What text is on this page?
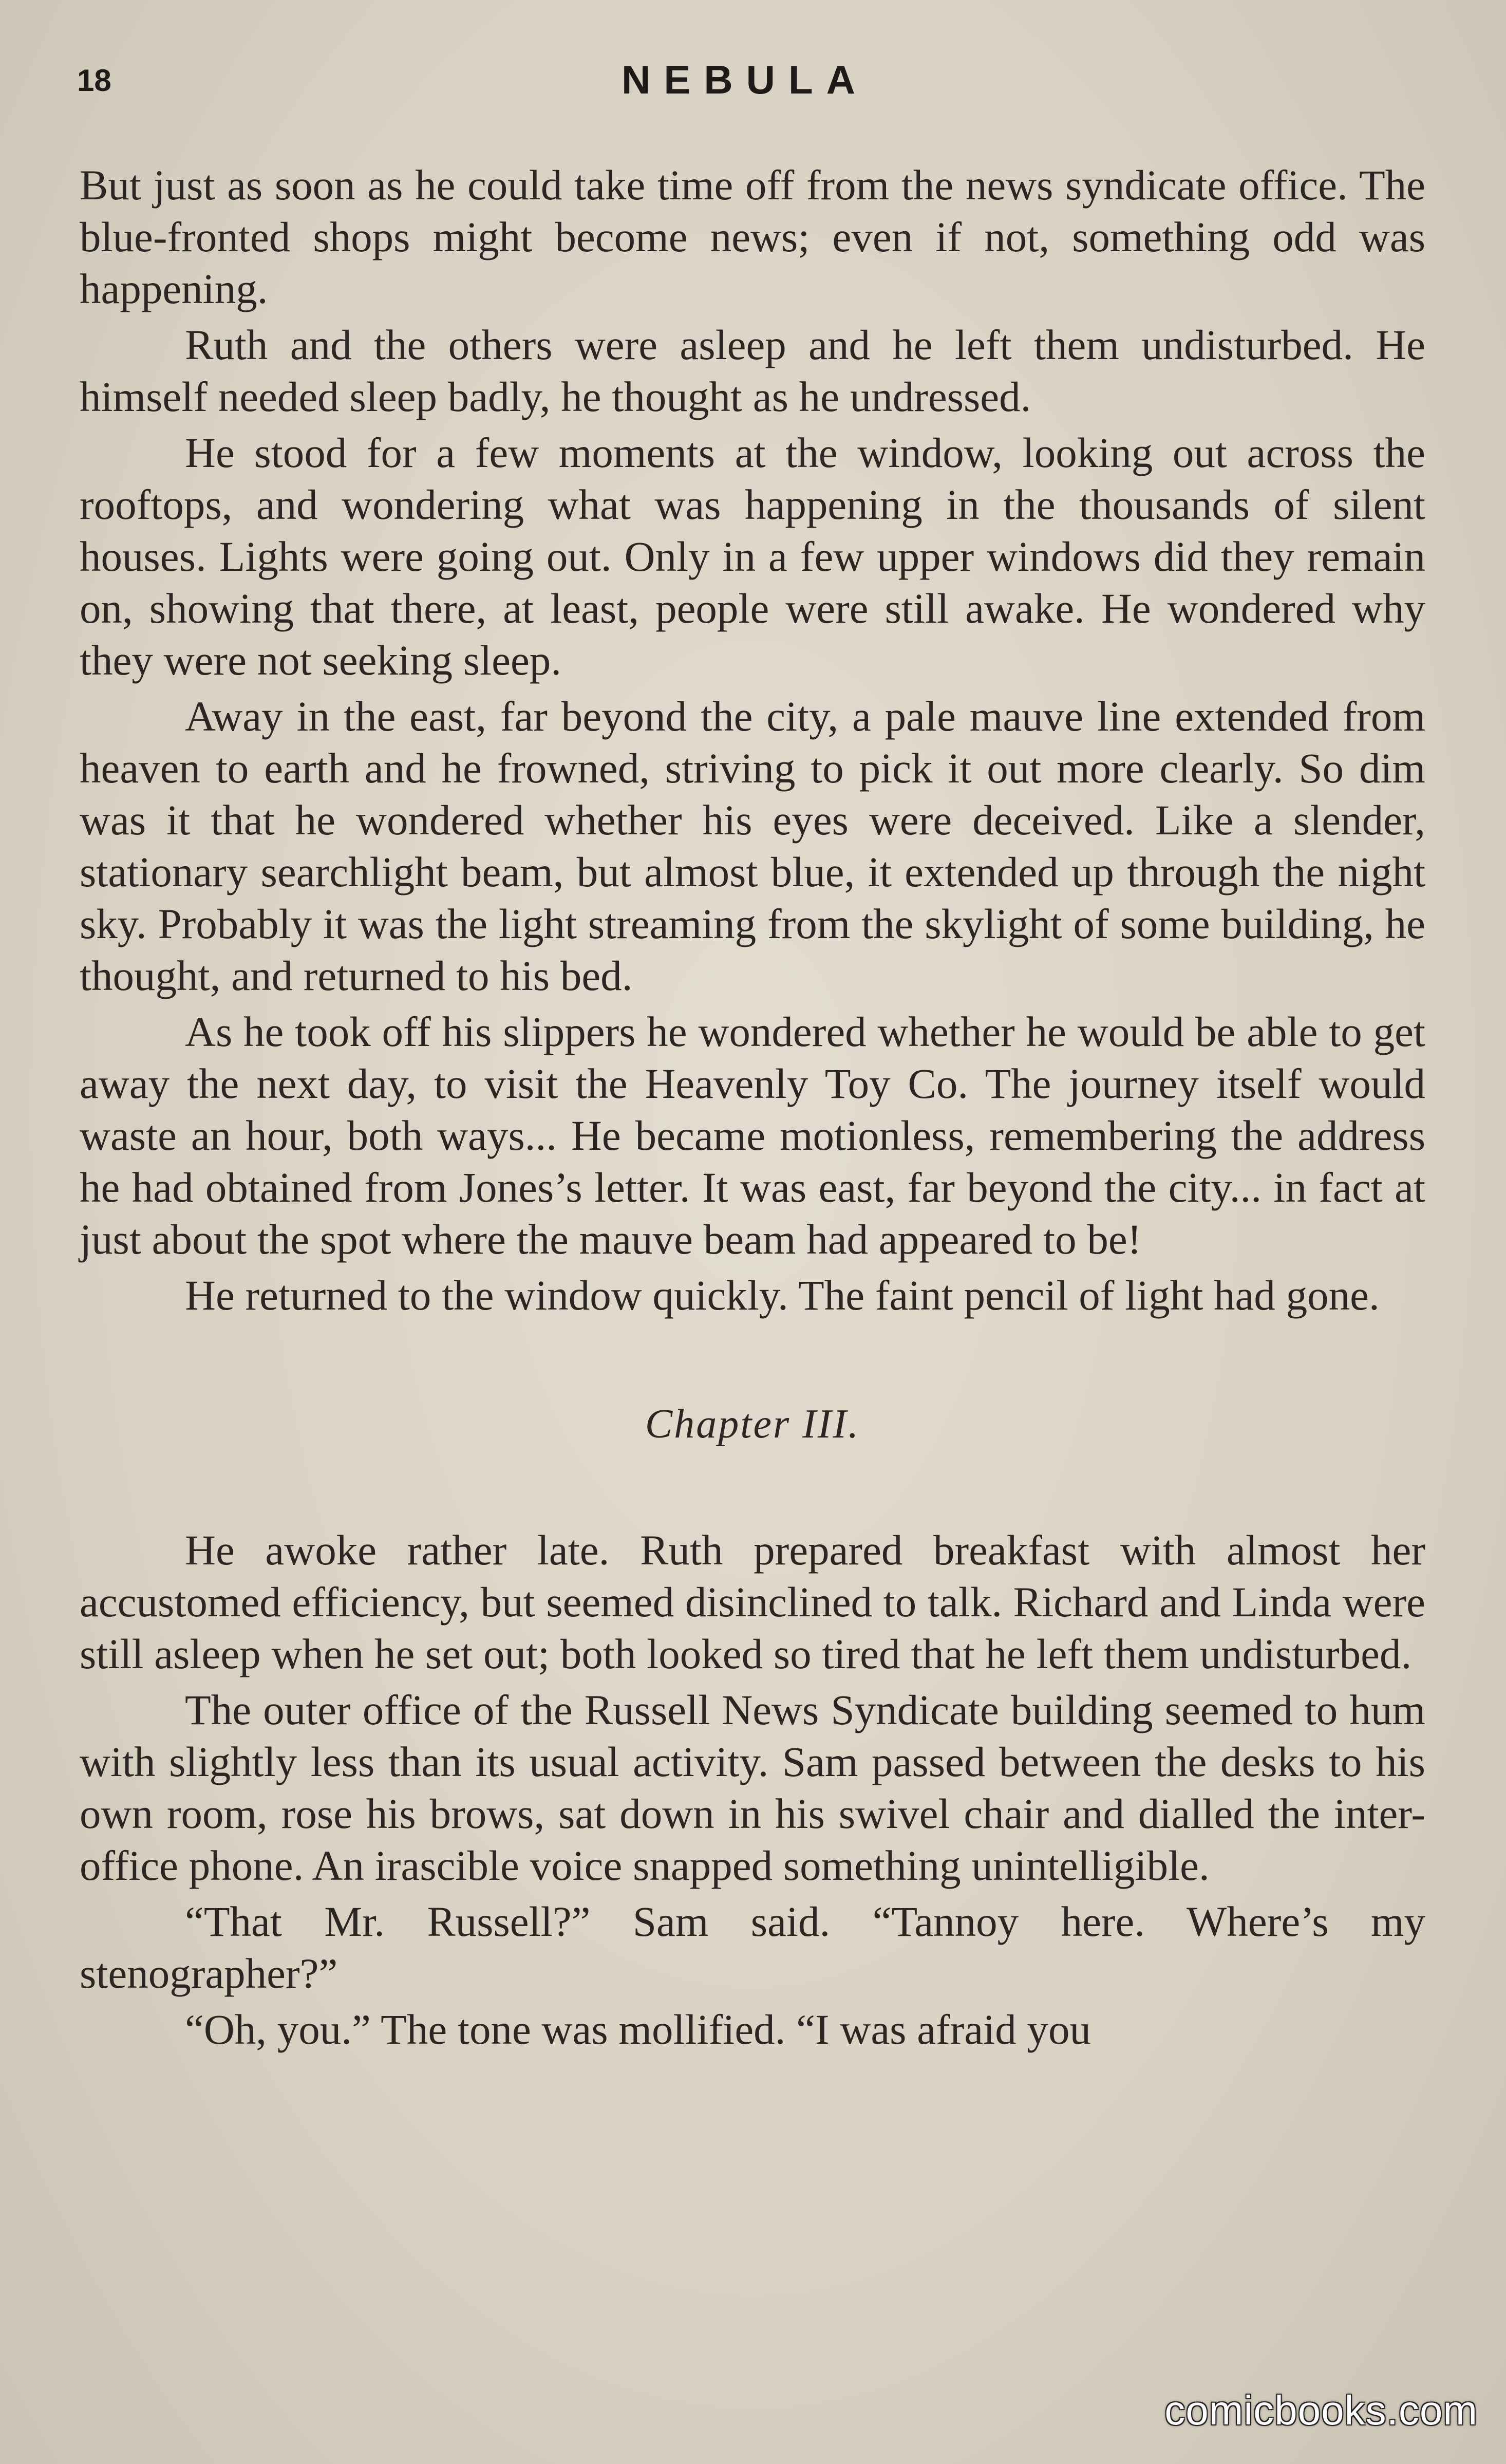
18	NEBULA

But just as soon as he could take time off from the news syndicate office. The blue-fronted shops might become news; even if not, something odd was happening.

Ruth and the others were asleep and he left them undisturbed. He himself needed sleep badly, he thought as he undressed.

He stood for a few moments at the window, looking out across the rooftops, and wondering what was happening in the thousands of silent houses. Lights were going out. Only in a few upper windows did they remain on, showing that there, at least, people were still awake. He wondered why they were not seeking sleep.

Away in the east, far beyond the city, a pale mauve line extended from heaven to earth and he frowned, striving to pick it out more clearly. So dim was it that he wondered whether his eyes were deceived. Like a slender, stationary searchlight beam, but almost blue, it extended up through the night sky. Probably it was the light streaming from the skylight of some building, he thought, and returned to his bed.

As he took off his slippers he wondered whether he would be able to get away the next day, to visit the Heavenly Toy Co. The journey itself would waste an hour, both ways... He became motionless, remembering the address he had obtained from Jones’s letter. It was east, far beyond the city... in fact at just about the spot where the mauve beam had appeared to be!

He returned to the window quickly. The faint pencil of light had gone.

Chapter III.

He awoke rather late. Ruth prepared breakfast with almost her accustomed efficiency, but seemed disinclined to talk. Richard and Linda were still asleep when he set out; both looked so tired that he left them undisturbed.

The outer office of the Russell News Syndicate building seemed to hum with slightly less than its usual activity. Sam passed between the desks to his own room, rose his brows, sat down in his swivel chair and dialled the inter-office phone. An irascible voice snapped something unintelligible.

“That Mr. Russell?” Sam said. “Tannoy here. Where’s my stenographer?”

“Oh, you.” The tone was mollified. “I was afraid you

comicbooks.com
